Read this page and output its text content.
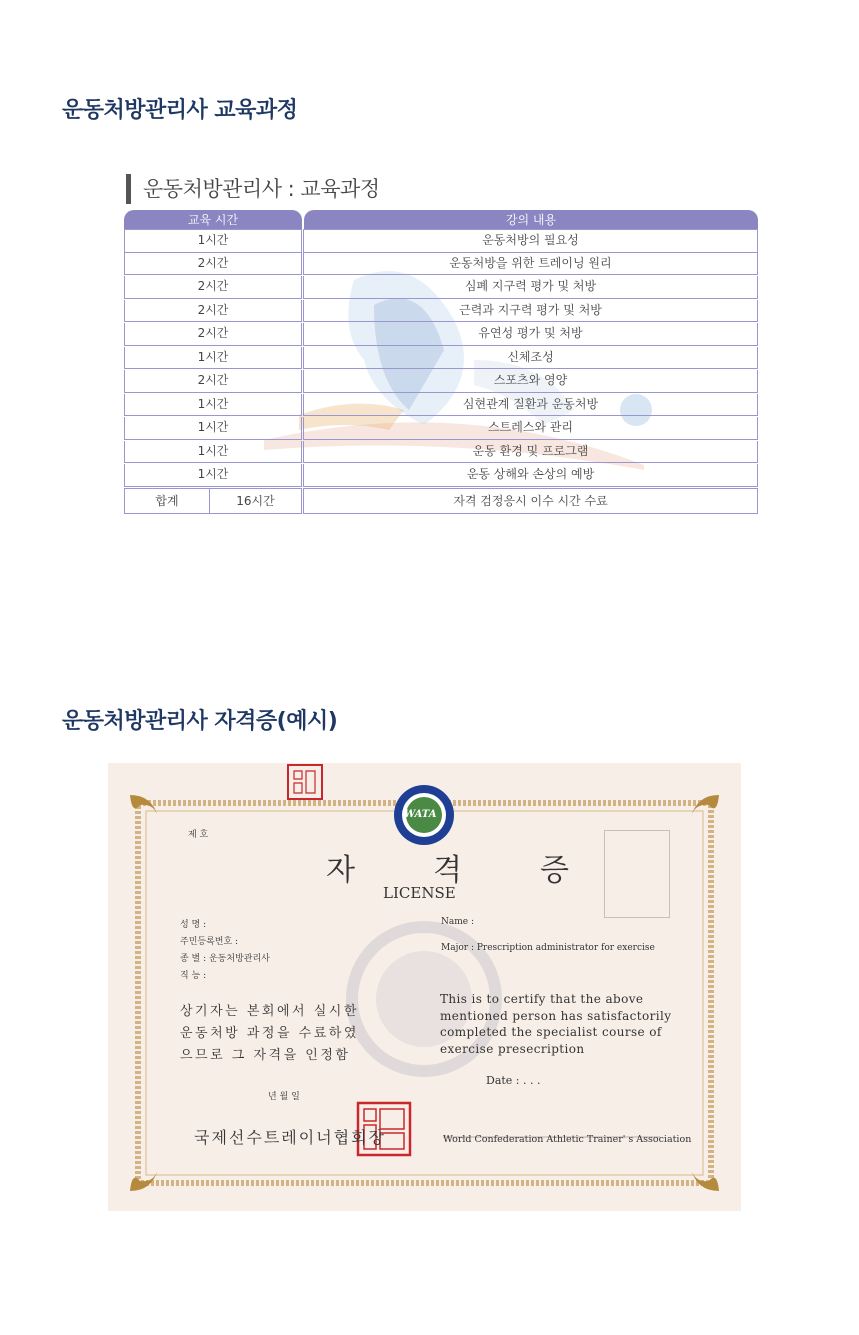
운동처방관리사 교육과정
운동처방관리사 : 교육과정
교육 시간	강의 내용
1시간	운동처방의 필요성
2시간	운동처방을 위한 트레이닝 원리
2시간	심폐 지구력 평가 및 처방
2시간	근력과 지구력 평가 및 처방
2시간	유연성 평가 및 처방
1시간	신체조성
2시간	스포츠와 영양
1시간	심현관계 질환과 운동처방
1시간	스트레스와 관리
1시간	운동 환경 및 프로그램
1시간	운동 상해와 손상의 예방
합계	16시간	자격 검정응시 이수 시간 수료
운동처방관리사 자격증(예시)
WATA
제 호
자격증
LICENSE
성 명 :
주민등록번호 :
종 별 : 운동처방관리사
직 능 :
Name :
Major : Prescription administrator for exercise
상기자는 본회에서 실시한
운동처방 과정을 수료하였
으므로 그 자격을 인정함
This is to certify that the above mentioned person has satisfactorily completed the specialist course of exercise presecription
Date : . . .
년 월 일
국제선수트레이너협회장	World Confederation Athletic Trainer' s Association
